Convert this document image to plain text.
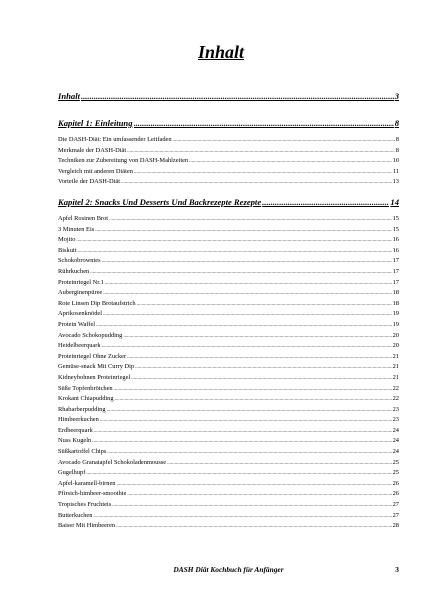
Inhalt
Inhalt .....	3
Kapitel 1: Einleitung .....	8
Die DASH-Diät: Ein umfassender Leitfaden .....	8
Merkmale der DASH-Diät .....	8
Techniken zur Zubereitung von DASH-Mahlzeiten .....	10
Vergleich mit anderen Diäten .....	11
Vorteile der DASH-Diät .....	13
Kapitel 2: Snacks Und Desserts Und Backrezepte Rezepte .....	14
Apfel Rosinen Brot .....	15
3 Minuten Eis .....	15
Mojito .....	16
Biskuit .....	16
Schokobrownies .....	17
Rührkuchen .....	17
Proteinriegel Nr.1 .....	17
Auberginenpüree .....	18
Rote Linsen Dip Brotaufstrich .....	18
Aprikosenknödel .....	19
Protein Waffel .....	19
Avocado Schokopudding .....	20
Heidelbeerquark .....	20
Proteinriegel Ohne Zucker .....	21
Gemüse-snack Mit Curry Dip .....	21
Kidneybohnen Proteinriegel .....	21
Süße Topfenbrötchen .....	22
Krokant Chiapudding .....	22
Rhabarberpudding .....	23
Himbeerkuchen .....	23
Erdbeerquark .....	24
Nuss Kugeln .....	24
Süßkartoffel Chips .....	24
Avocado Granatapfel Schokoladenmousse .....	25
Gugelhupf .....	25
Apfel-karamell-birnen .....	26
Pfirsich-himbeer-smoothie .....	26
Tropisches Fruchteis .....	27
Butterkuchen .....	27
Baiser Mit Himbeeren .....	28
DASH Diät Kochbuch für Anfänger	3
